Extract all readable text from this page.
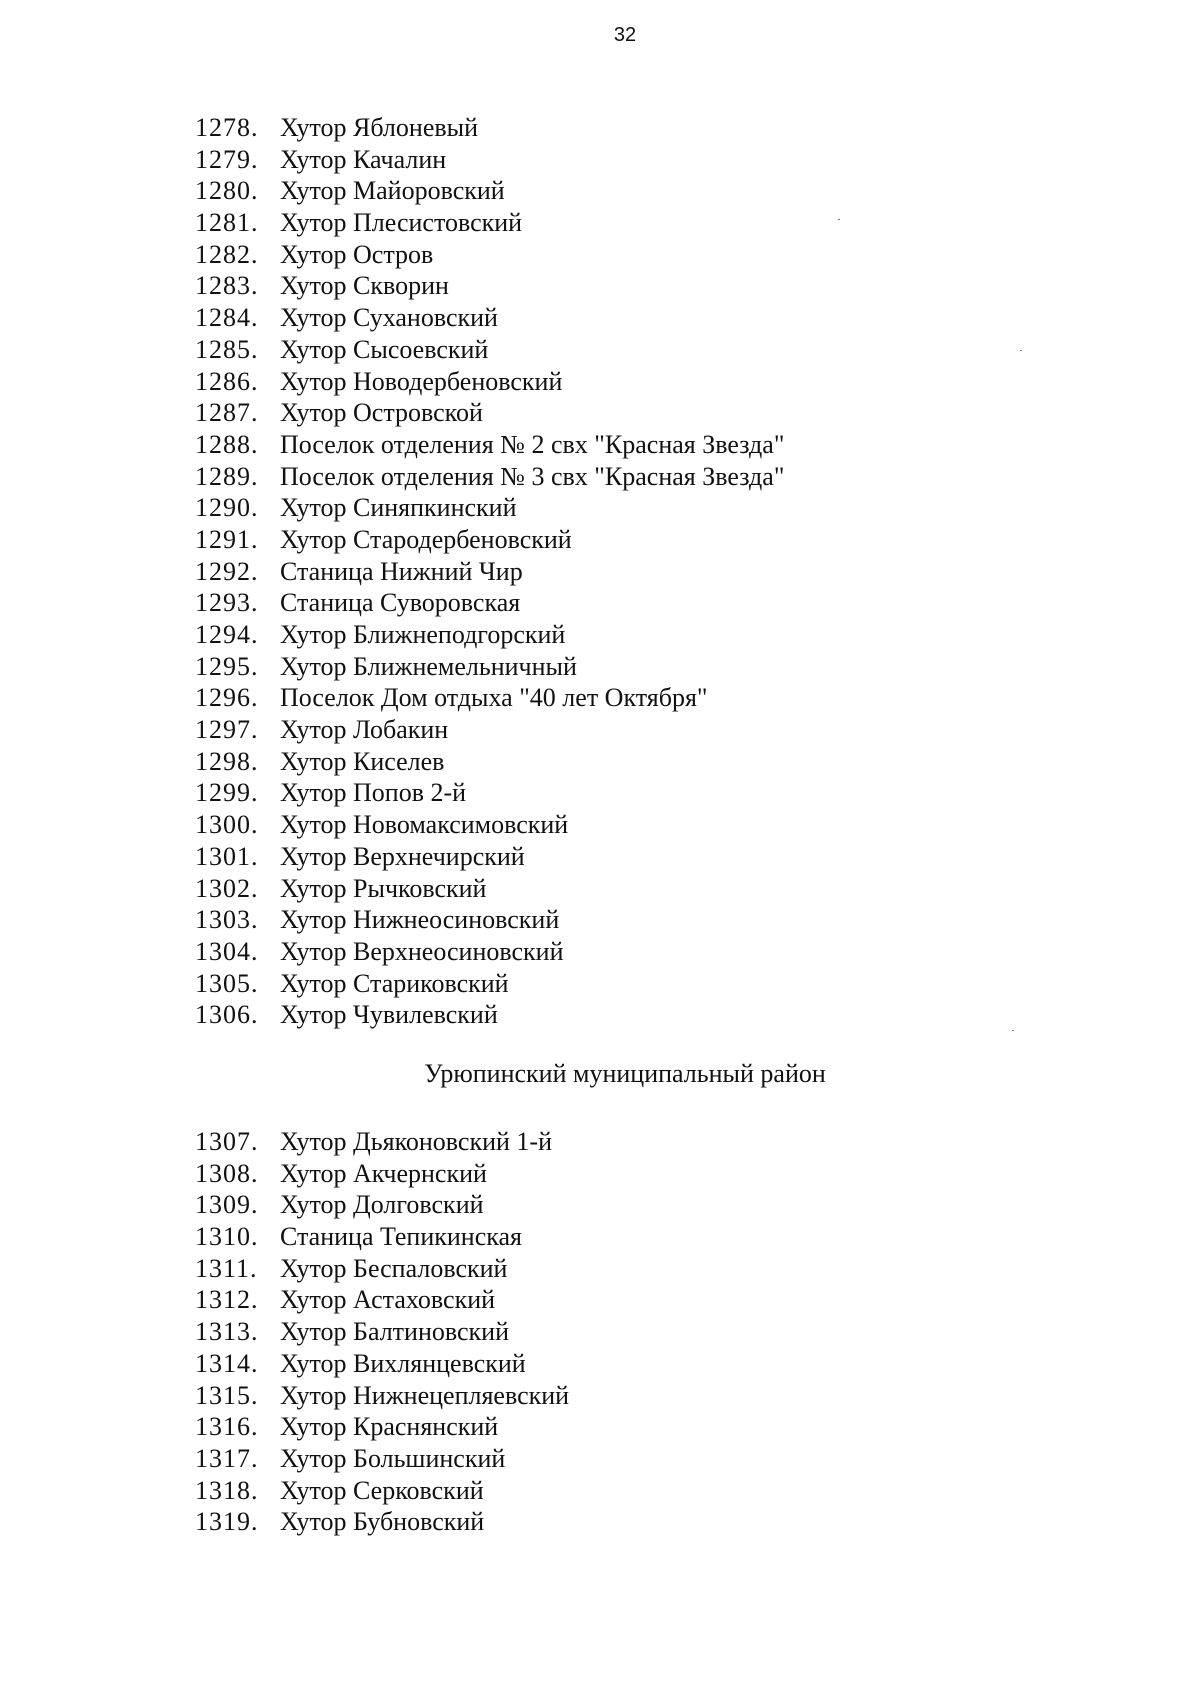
32
1278. Хутор Яблоневый
1279. Хутор Качалин
1280. Хутор Майоровский
1281. Хутор Плесистовский
1282. Хутор Остров
1283. Хутор Скворин
1284. Хутор Сухановский
1285. Хутор Сысоевский
1286. Хутор Новодербеновский
1287. Хутор Островской
1288. Поселок отделения № 2 свх "Красная Звезда"
1289. Поселок отделения № 3 свх "Красная Звезда"
1290. Хутор Синяпкинский
1291. Хутор Стародербеновский
1292. Станица Нижний Чир
1293. Станица Суворовская
1294. Хутор Ближнеподгорский
1295. Хутор Ближнемельничный
1296. Поселок Дом отдыха "40 лет Октября"
1297. Хутор Лобакин
1298. Хутор Киселев
1299. Хутор Попов 2-й
1300. Хутор Новомаксимовский
1301. Хутор Верхнечирский
1302. Хутор Рычковский
1303. Хутор Нижнеосиновский
1304. Хутор Верхнеосиновский
1305. Хутор Стариковский
1306. Хутор Чувилевский
Урюпинский муниципальный район
1307. Хутор Дьяконовский 1-й
1308. Хутор Акчернский
1309. Хутор Долговский
1310. Станица Тепикинская
1311. Хутор Беспаловский
1312. Хутор Астаховский
1313. Хутор Балтиновский
1314. Хутор Вихлянцевский
1315. Хутор Нижнецепляевский
1316. Хутор Краснянский
1317. Хутор Большинский
1318. Хутор Серковский
1319. Хутор Бубновский
